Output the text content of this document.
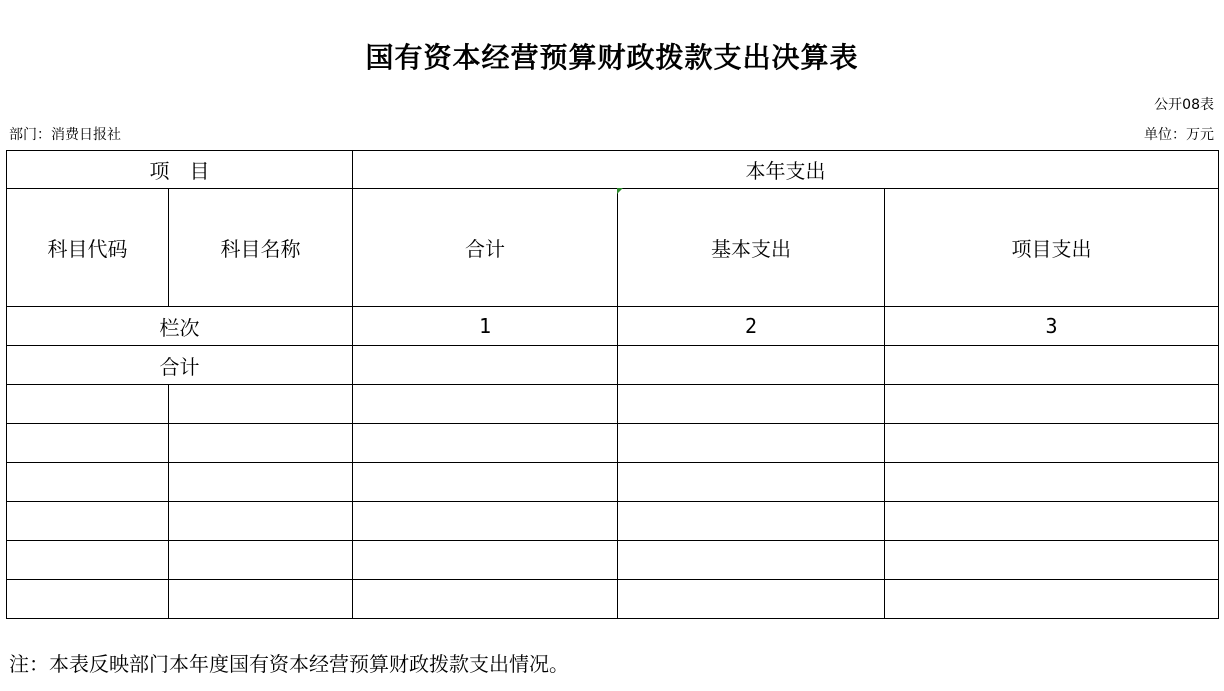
国有资本经营预算财政拨款支出决算表
公开08表
部门：消费日报社	单位：万元
项　目		本年支出		
科目代码	科目名称	合计	基本支出	项目支出
栏次		1	2	3
合计				

注：本表反映部门本年度国有资本经营预算财政拨款支出情况。
